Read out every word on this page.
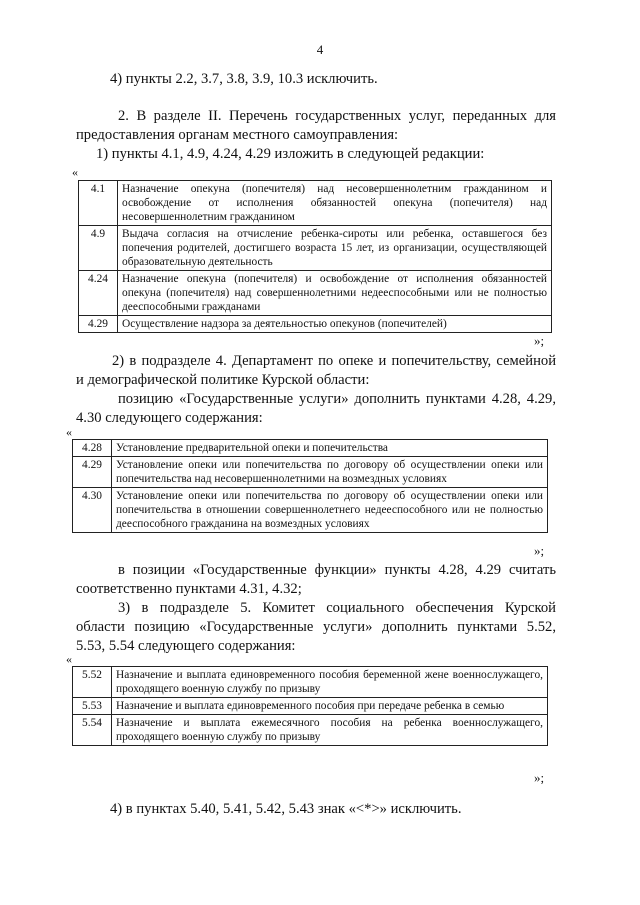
4
4) пункты 2.2, 3.7, 3.8, 3.9, 10.3 исключить.
2. В разделе II. Перечень государственных услуг, переданных для
предоставления органам местного самоуправления:
1) пункты 4.1, 4.9, 4.24, 4.29 изложить в следующей редакции:
«
4.1	Назначение опекуна (попечителя) над несовершеннолетним гражданином и освобождение от исполнения обязанностей опекуна (попечителя) над несовершеннолетним гражданином
4.9	Выдача согласия на отчисление ребенка-сироты или ребенка, оставшегося без попечения родителей, достигшего возраста 15 лет, из организации, осуществляющей образовательную деятельность
4.24	Назначение опекуна (попечителя) и освобождение от исполнения обязанностей опекуна (попечителя) над совершеннолетними недееспособными или не полностью дееспособными гражданами
4.29	Осуществление надзора за деятельностью опекунов (попечителей)
»;
2) в подразделе 4. Департамент по опеке и попечительству, семейной
и демографической политике Курской области:
позицию «Государственные услуги» дополнить пунктами 4.28, 4.29,
4.30 следующего содержания:
«
4.28	Установление предварительной опеки и попечительства
4.29	Установление опеки или попечительства по договору об осуществлении опеки или попечительства над несовершеннолетними на возмездных условиях
4.30	Установление опеки или попечительства по договору об осуществлении опеки или попечительства в отношении совершеннолетнего недееспособного или не полностью дееспособного гражданина на возмездных условиях
»;
в позиции «Государственные функции» пункты 4.28, 4.29 считать
соответственно пунктами 4.31, 4.32;
3) в подразделе 5. Комитет социального обеспечения Курской
области позицию «Государственные услуги» дополнить пунктами 5.52,
5.53, 5.54 следующего содержания:
«
5.52	Назначение и выплата единовременного пособия беременной жене военнослужащего, проходящего военную службу по призыву
5.53	Назначение и выплата единовременного пособия при передаче ребенка в семью
5.54	Назначение и выплата ежемесячного пособия на ребенка военнослужащего, проходящего военную службу по призыву
»;
4) в пунктах 5.40, 5.41, 5.42, 5.43 знак «<*>» исключить.
